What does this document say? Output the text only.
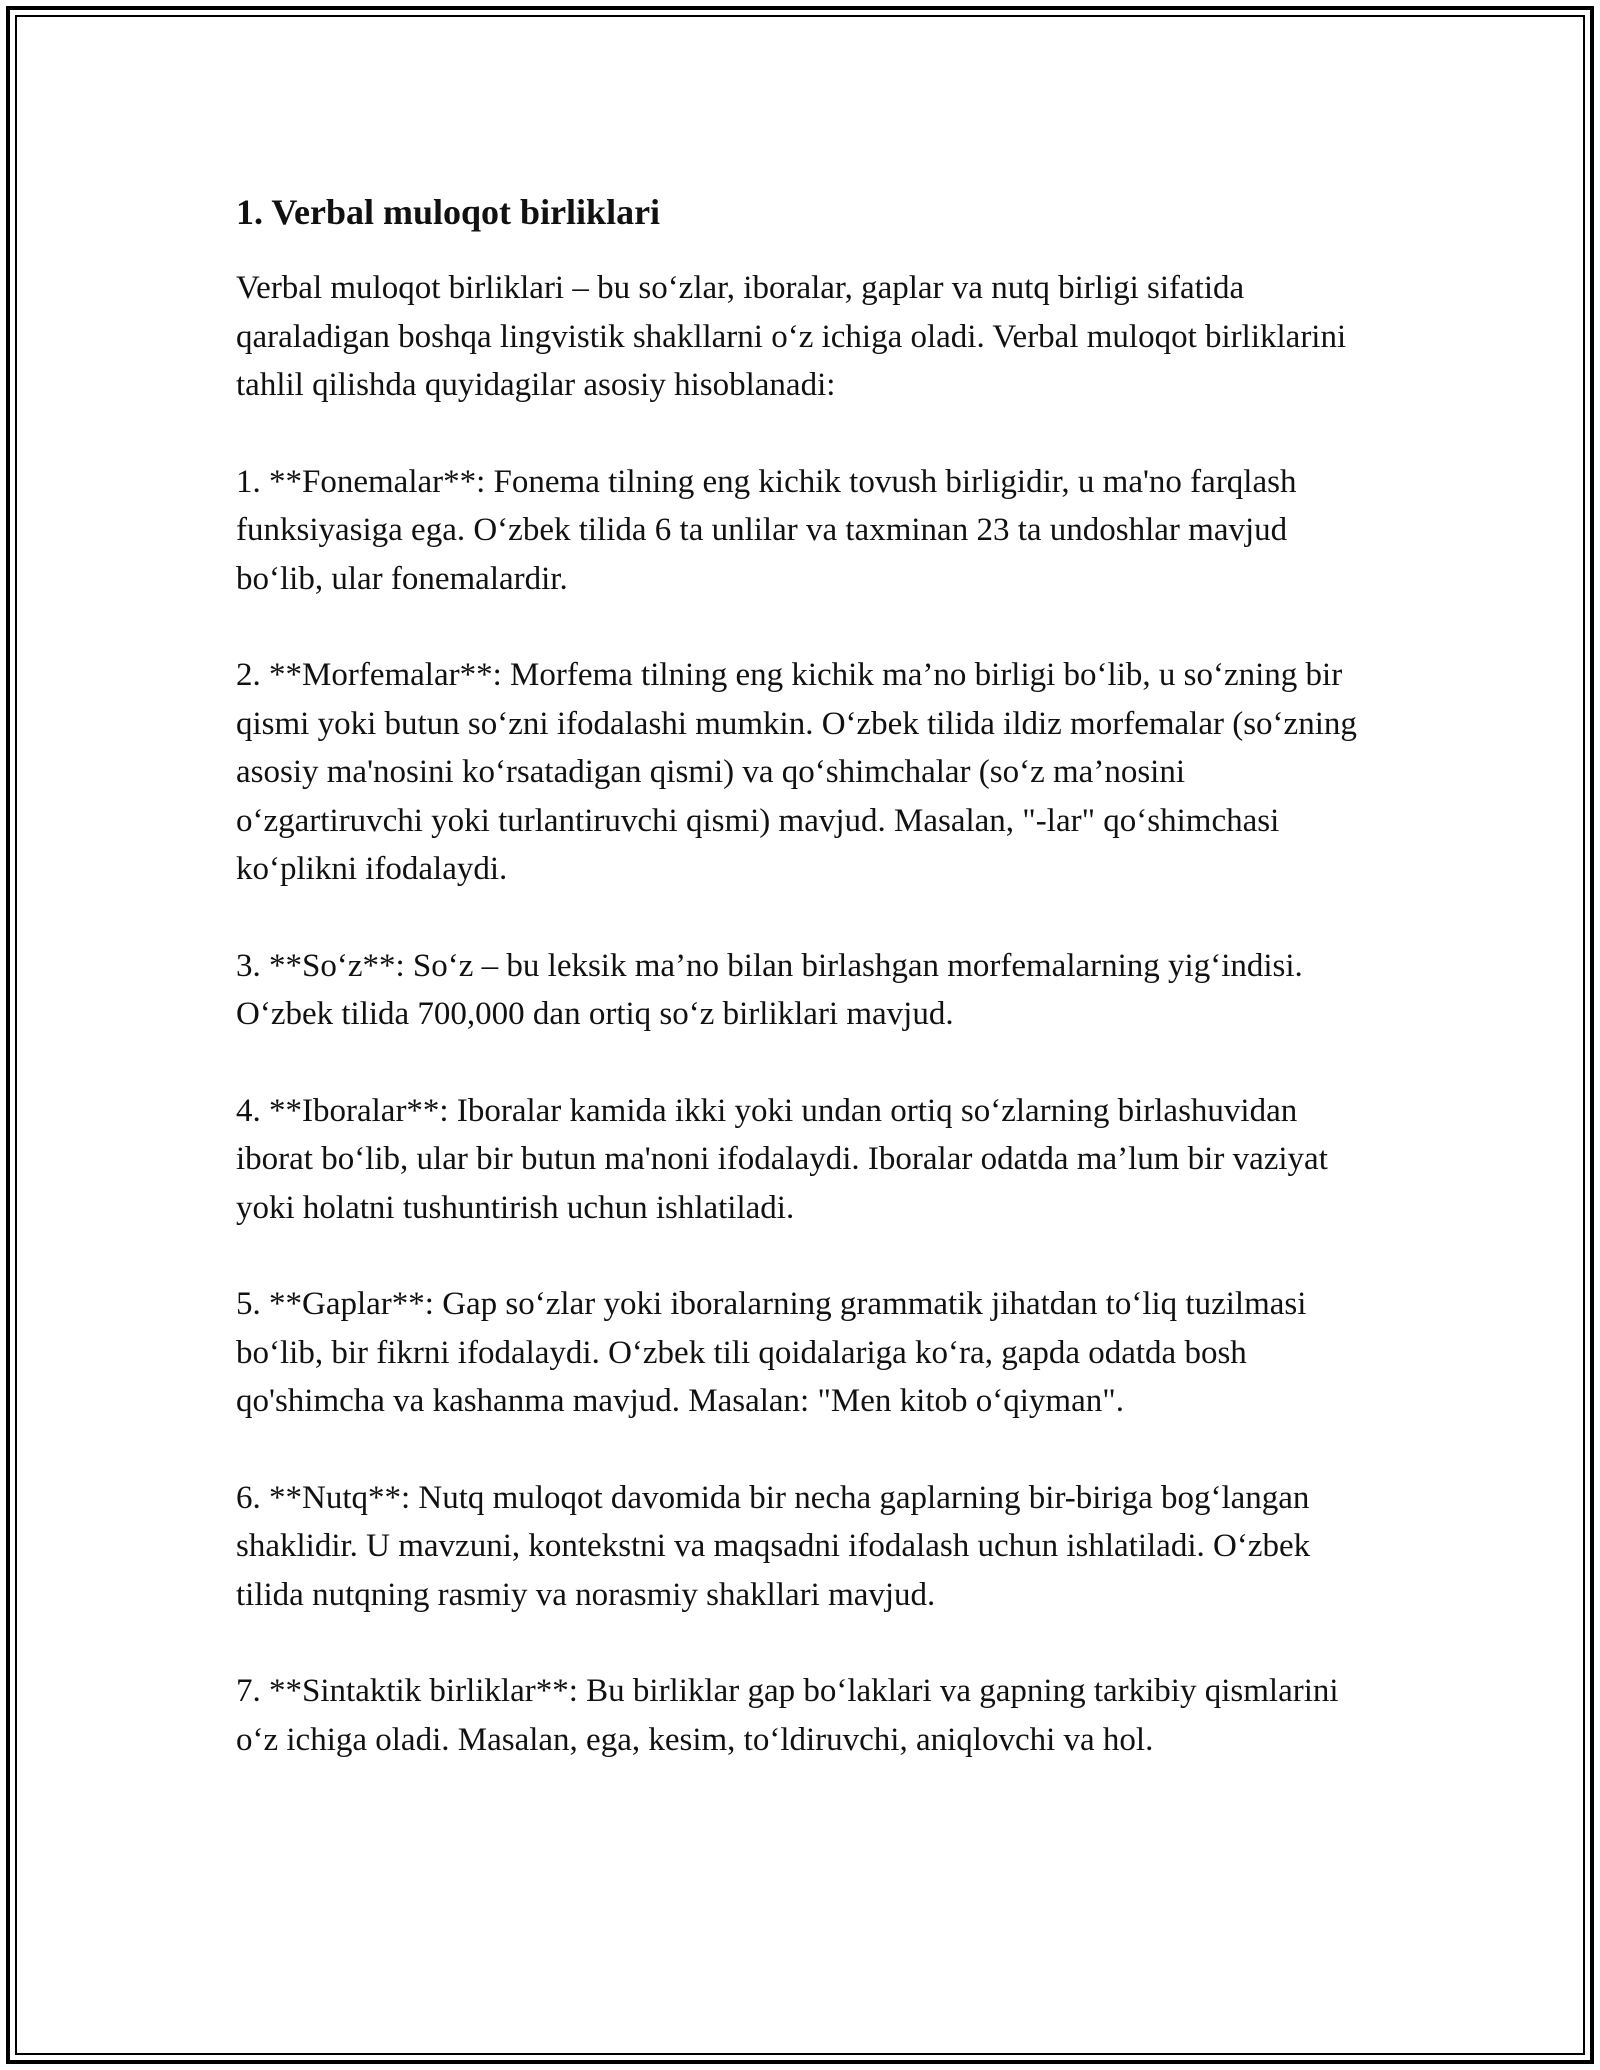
1. Verbal muloqot birliklari

Verbal muloqot birliklari – bu so‘zlar, iboralar, gaplar va nutq birligi sifatida qaraladigan boshqa lingvistik shakllarni o‘z ichiga oladi. Verbal muloqot birliklarini tahlil qilishda quyidagilar asosiy hisoblanadi:

1. **Fonemalar**: Fonema tilning eng kichik tovush birligidir, u ma'no farqlash funksiyasiga ega. O‘zbek tilida 6 ta unlilar va taxminan 23 ta undoshlar mavjud bo‘lib, ular fonemalardir.

2. **Morfemalar**: Morfema tilning eng kichik ma’no birligi bo‘lib, u so‘zning bir qismi yoki butun so‘zni ifodalashi mumkin. O‘zbek tilida ildiz morfemalar (so‘zning asosiy ma'nosini ko‘rsatadigan qismi) va qo‘shimchalar (so‘z ma’nosini o‘zgartiruvchi yoki turlantiruvchi qismi) mavjud. Masalan, "-lar" qo‘shimchasi ko‘plikni ifodalaydi.

3. **So‘z**: So‘z – bu leksik ma’no bilan birlashgan morfemalarning yig‘indisi. O‘zbek tilida 700,000 dan ortiq so‘z birliklari mavjud.

4. **Iboralar**: Iboralar kamida ikki yoki undan ortiq so‘zlarning birlashuvidan iborat bo‘lib, ular bir butun ma'noni ifodalaydi. Iboralar odatda ma’lum bir vaziyat yoki holatni tushuntirish uchun ishlatiladi.

5. **Gaplar**: Gap so‘zlar yoki iboralarning grammatik jihatdan to‘liq tuzilmasi bo‘lib, bir fikrni ifodalaydi. O‘zbek tili qoidalariga ko‘ra, gapda odatda bosh qo'shimcha va kashanma mavjud. Masalan: "Men kitob o‘qiyman".

6. **Nutq**: Nutq muloqot davomida bir necha gaplarning bir-biriga bog‘langan shaklidir. U mavzuni, kontekstni va maqsadni ifodalash uchun ishlatiladi. O‘zbek tilida nutqning rasmiy va norasmiy shakllari mavjud.

7. **Sintaktik birliklar**: Bu birliklar gap bo‘laklari va gapning tarkibiy qismlarini o‘z ichiga oladi. Masalan, ega, kesim, to‘ldiruvchi, aniqlovchi va hol.
